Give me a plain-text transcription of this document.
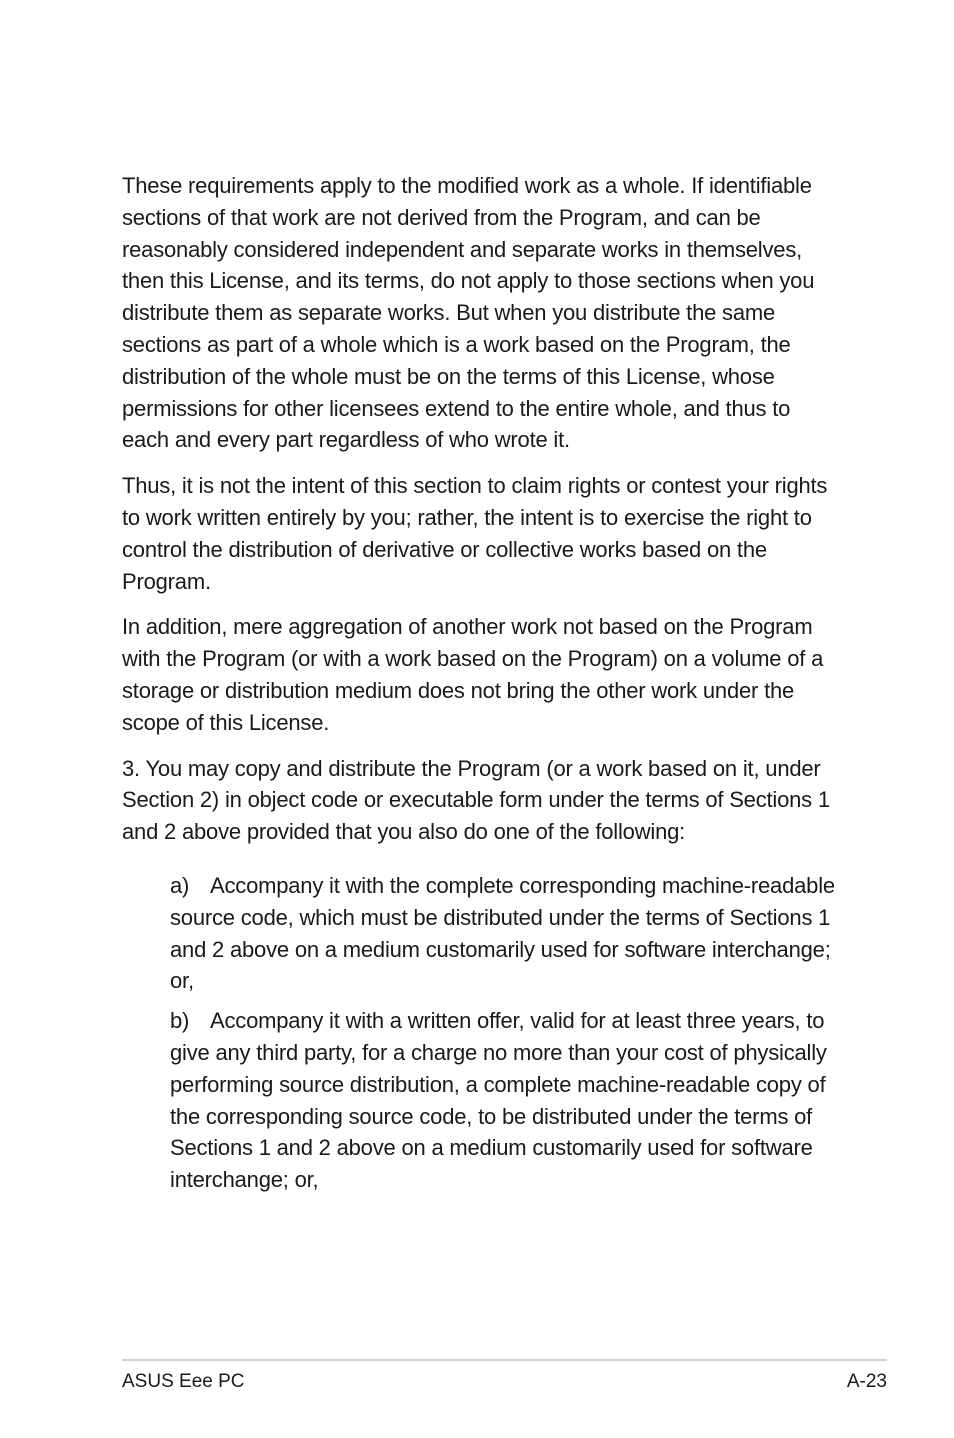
These requirements apply to the modified work as a whole. If identifiable sections of that work are not derived from the Program, and can be reasonably considered independent and separate works in themselves, then this License, and its terms, do not apply to those sections when you distribute them as separate works. But when you distribute the same sections as part of a whole which is a work based on the Program, the distribution of the whole must be on the terms of this License, whose permissions for other licensees extend to the entire whole, and thus to each and every part regardless of who wrote it.

Thus, it is not the intent of this section to claim rights or contest your rights to work written entirely by you; rather, the intent is to exercise the right to control the distribution of derivative or collective works based on the Program.

In addition, mere aggregation of another work not based on the Program with the Program (or with a work based on the Program) on a volume of a storage or distribution medium does not bring the other work under the scope of this License.

3. You may copy and distribute the Program (or a work based on it, under Section 2) in object code or executable form under the terms of Sections 1 and 2 above provided that you also do one of the following:

a) Accompany it with the complete corresponding machine-readable source code, which must be distributed under the terms of Sections 1 and 2 above on a medium customarily used for software interchange; or,

b) Accompany it with a written offer, valid for at least three years, to give any third party, for a charge no more than your cost of physically performing source distribution, a complete machine-readable copy of the corresponding source code, to be distributed under the terms of Sections 1 and 2 above on a medium customarily used for software interchange; or,

ASUS Eee PC	A-23
